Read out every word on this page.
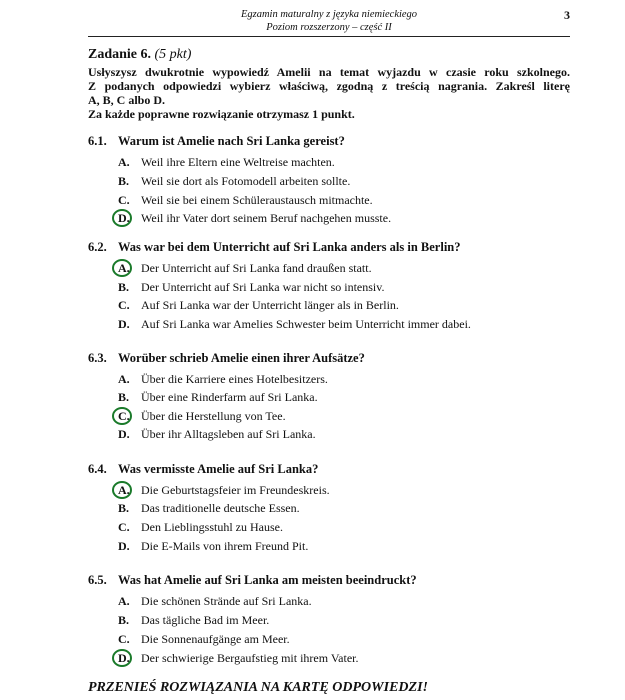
Egzamin maturalny z języka niemieckiego
Poziom rozszerzony – część II
3
Zadanie 6. (5 pkt)
Usłyszysz dwukrotnie wypowiedź Amelii na temat wyjazdu w czasie roku szkolnego.
Z podanych odpowiedzi wybierz właściwą, zgodną z treścią nagrania. Zakreśl literę
A, B, C albo D.
Za każde poprawne rozwiązanie otrzymasz 1 punkt.
6.1. Warum ist Amelie nach Sri Lanka gereist?
A. Weil ihre Eltern eine Weltreise machten.
B. Weil sie dort als Fotomodell arbeiten sollte.
C. Weil sie bei einem Schüleraustausch mitmachte.
D. Weil ihr Vater dort seinem Beruf nachgehen musste.
6.2. Was war bei dem Unterricht auf Sri Lanka anders als in Berlin?
A. Der Unterricht auf Sri Lanka fand draußen statt.
B. Der Unterricht auf Sri Lanka war nicht so intensiv.
C. Auf Sri Lanka war der Unterricht länger als in Berlin.
D. Auf Sri Lanka war Amelies Schwester beim Unterricht immer dabei.
6.3. Worüber schrieb Amelie einen ihrer Aufsätze?
A. Über die Karriere eines Hotelbesitzers.
B. Über eine Rinderfarm auf Sri Lanka.
C. Über die Herstellung von Tee.
D. Über ihr Alltagsleben auf Sri Lanka.
6.4. Was vermisste Amelie auf Sri Lanka?
A. Die Geburtstagsfeier im Freundeskreis.
B. Das traditionelle deutsche Essen.
C. Den Lieblingsstuhl zu Hause.
D. Die E-Mails von ihrem Freund Pit.
6.5. Was hat Amelie auf Sri Lanka am meisten beeindruckt?
A. Die schönen Strände auf Sri Lanka.
B. Das tägliche Bad im Meer.
C. Die Sonnenaufgänge am Meer.
D. Der schwierige Bergaufstieg mit ihrem Vater.
PRZENIEŚ ROZWIĄZANIA NA KARTĘ ODPOWIEDZI!
